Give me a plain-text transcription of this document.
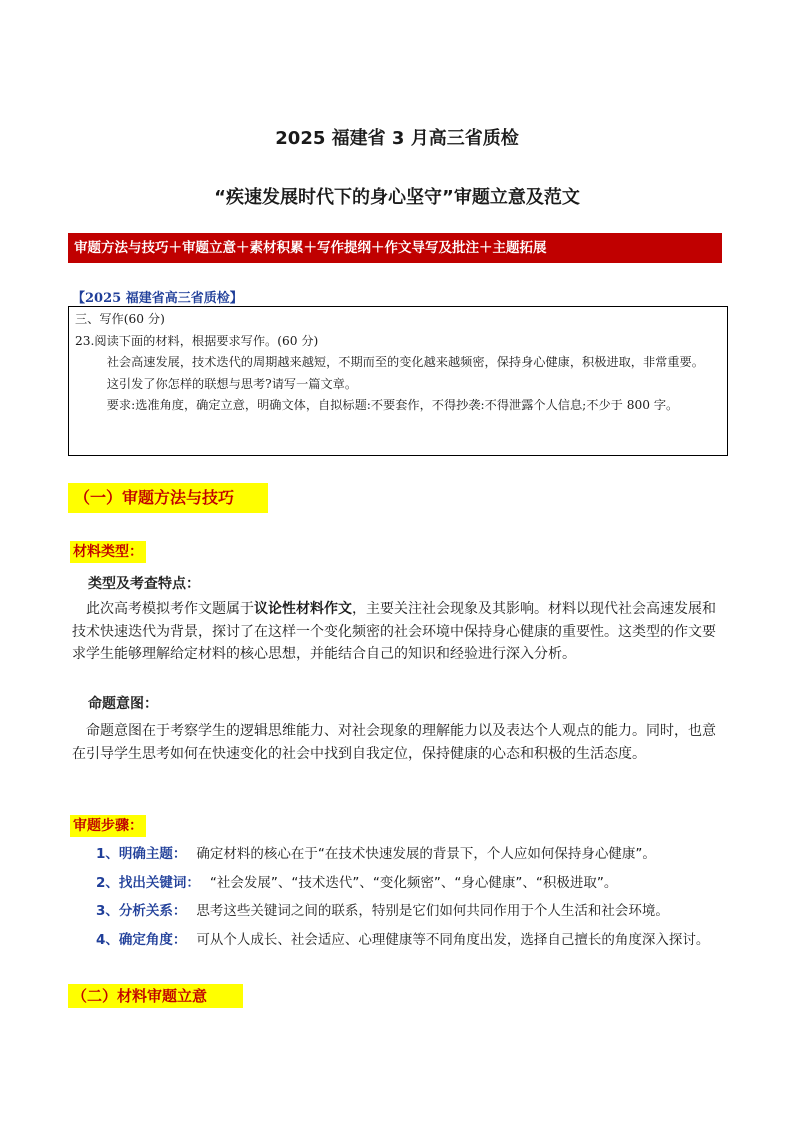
2025 福建省 3 月高三省质检
“疾速发展时代下的身心坚守”审题立意及范文
审题方法与技巧＋审题立意＋素材积累＋写作提纲＋作文导写及批注＋主题拓展
【2025 福建省高三省质检】

三、写作(60 分)

23.阅读下面的材料，根据要求写作。(60 分)

社会高速发展，技术迭代的周期越来越短，不期而至的变化越来越频密，保持身心健康，积极进取，非常重要。

这引发了你怎样的联想与思考?请写一篇文章。

要求:选准角度，确定立意，明确文体，自拟标题:不要套作，不得抄袭:不得泄露个人信息;不少于 800 字。

（一）审题方法与技巧
材料类型：
类型及考查特点：

此次高考模拟考作文题属于议论性材料作文，主要关注社会现象及其影响。材料以现代社会高速发展和技术快速迭代为背景，探讨了在这样一个变化频密的社会环境中保持身心健康的重要性。这类型的作文要求学生能够理解给定材料的核心思想，并能结合自己的知识和经验进行深入分析。

命题意图：

命题意图在于考察学生的逻辑思维能力、对社会现象的理解能力以及表达个人观点的能力。同时，也意在引导学生思考如何在快速变化的社会中找到自我定位，保持健康的心态和积极的生活态度。

审题步骤：
1、明确主题： 确定材料的核心在于“在技术快速发展的背景下，个人应如何保持身心健康”。
2、找出关键词： “社会发展”、“技术迭代”、“变化频密”、“身心健康”、“积极进取”。
3、分析关系： 思考这些关键词之间的联系，特别是它们如何共同作用于个人生活和社会环境。
4、确定角度： 可从个人成长、社会适应、心理健康等不同角度出发，选择自己擅长的角度深入探讨。
（二）材料审题立意
